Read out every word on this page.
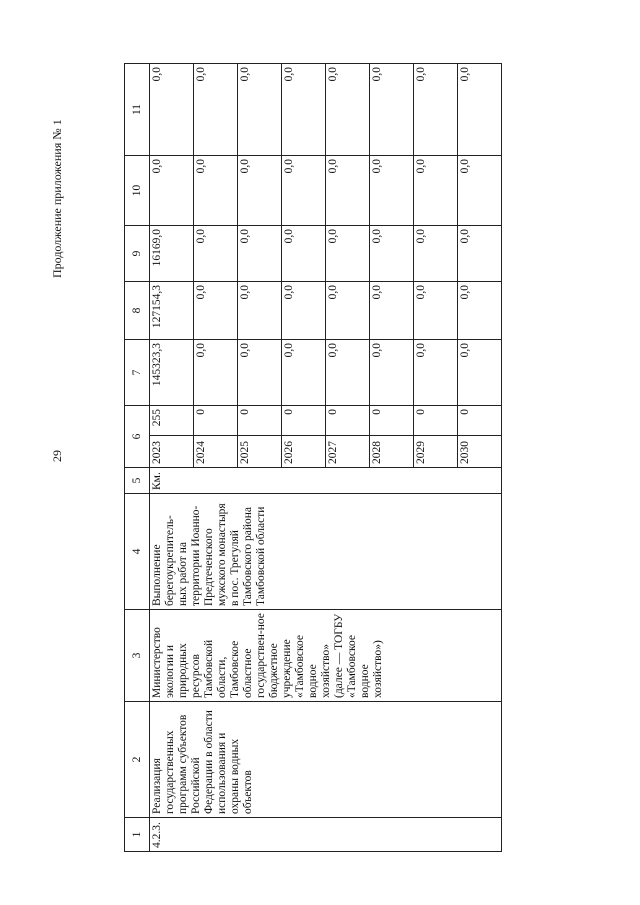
29
Продолжение приложения № 1
1	2	3	4	5	6		7	8	9	10	11
4.2.3.	Реализация государственных программ субъектов Российской Федерации в области использования и охраны водных объектов	Министерство экологии и природных ресурсов Тамбовской области, Тамбовское областное государствен-ное бюджетное учреждение «Тамбовское водное хозяйство» (далее — ТОГБУ «Тамбовское водное хозяйство»)	Выполнение берегоукрепитель-ных работ на территории Иоанно-Предтеченского мужского монастыря в пос. Трегуляй Тамбовского района Тамбовской области	Км.	2023	255	145323,3	127154,3	16169,0	0,0	0,0
					2024	0	0,0	0,0	0,0	0,0	0,0
					2025	0	0,0	0,0	0,0	0,0	0,0
					2026	0	0,0	0,0	0,0	0,0	0,0
					2027	0	0,0	0,0	0,0	0,0	0,0
					2028	0	0,0	0,0	0,0	0,0	0,0
					2029	0	0,0	0,0	0,0	0,0	0,0
					2030	0	0,0	0,0	0,0	0,0	0,0
